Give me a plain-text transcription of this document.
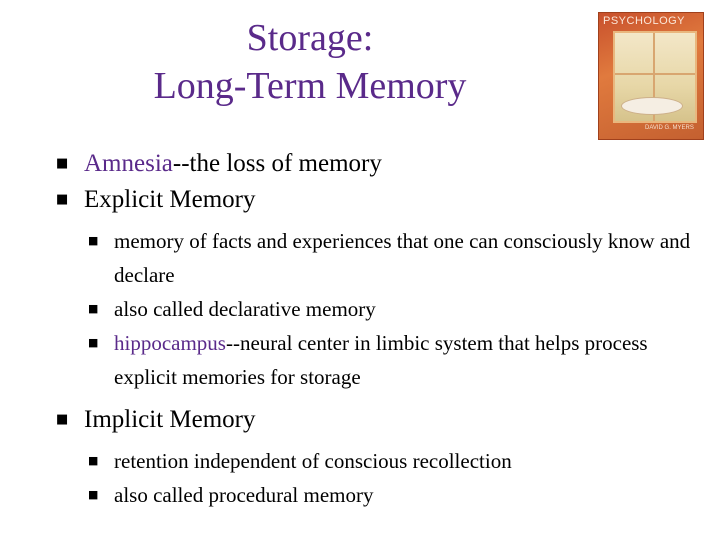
Storage:
Long-Term Memory
PSYCHOLOGY
DAVID G. MYERS
■ Amnesia--the loss of memory
■ Explicit Memory
■ memory of facts and experiences that one can consciously know and declare
■ also called declarative memory
■ hippocampus--neural center in limbic system that helps process explicit memories for storage
■ Implicit Memory
■ retention independent of conscious recollection
■ also called procedural memory
